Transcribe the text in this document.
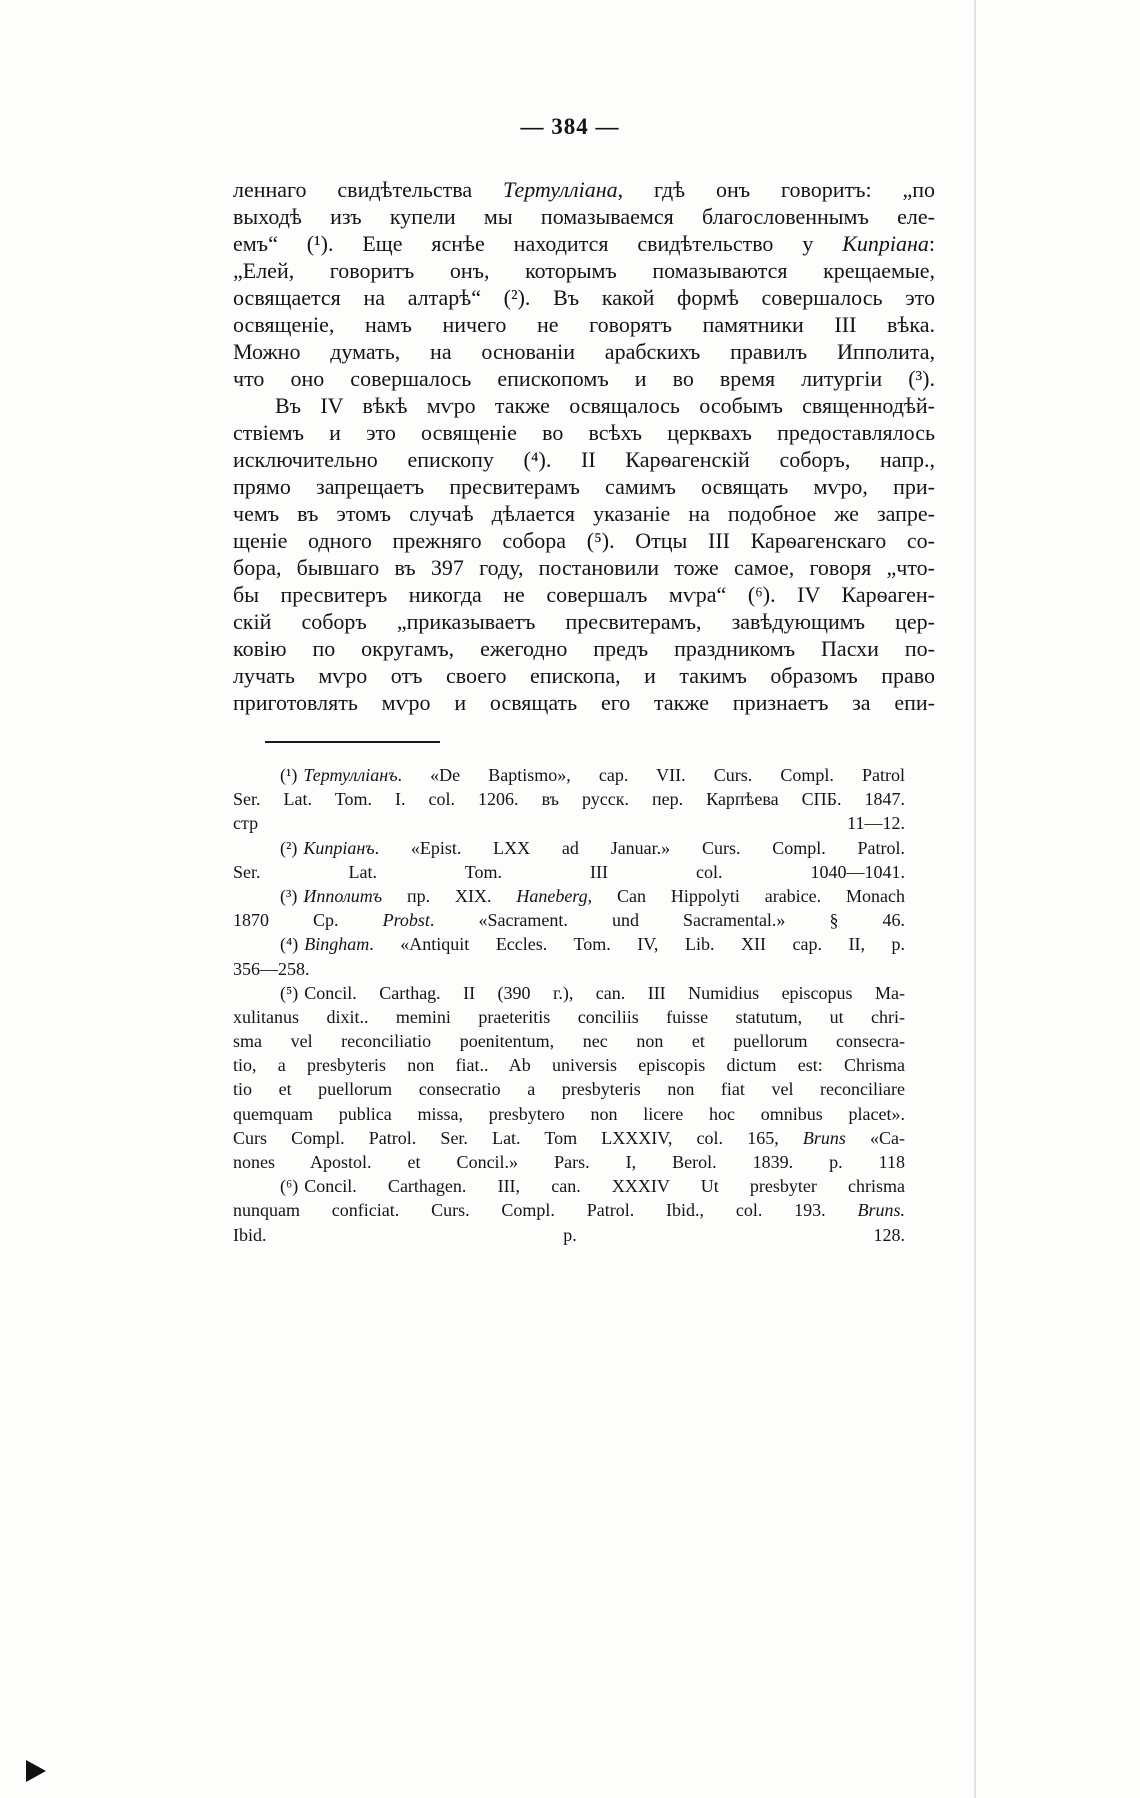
— 384 —
леннаго свидѣтельства Тертулліана, гдѣ онъ говоритъ: „по
выходѣ изъ купели мы помазываемся благословеннымъ еле-
емъ“ (¹). Еще яснѣе находится свидѣтельство у Кипріана:
„Елей, говоритъ онъ, которымъ помазываются крещаемые,
освящается на алтарѣ“ (²). Въ какой формѣ совершалось это
освященіе, намъ ничего не говорятъ памятники III вѣка.
Можно думать, на основаніи арабскихъ правилъ Ипполита,
что оно совершалось епископомъ и во время литургіи (³).
Въ IV вѣкѣ мѵро также освящалось особымъ священнодѣй-
ствіемъ и это освященіе во всѣхъ церквахъ предоставлялось
исключительно епископу (⁴). II Карѳагенскій соборъ, напр.,
прямо запрещаетъ пресвитерамъ самимъ освящать мѵро, при-
чемъ въ этомъ случаѣ дѣлается указаніе на подобное же запре-
щеніе одного прежняго собора (⁵). Отцы III Карѳагенскаго со-
бора, бывшаго въ 397 году, постановили тоже самое, говоря „что-
бы пресвитеръ никогда не совершалъ мѵра“ (⁶). IV Карѳаген-
скій соборъ „приказываетъ пресвитерамъ, завѣдующимъ цер-
ковію по округамъ, ежегодно предъ праздникомъ Пасхи по-
лучать мѵро отъ своего епископа, и такимъ образомъ право
приготовлять мѵро и освящать его также признаетъ за епи-
(¹) Тертулліанъ. «De Baptismo», cap. VII. Curs. Compl. Patrol
Ser. Lat. Tom. I. col. 1206. въ русск. пер. Карпѣева СПБ. 1847.
стр 11—12.
(²) Кипріанъ. «Epist. LXX ad Januar.» Curs. Compl. Patrol.
Ser. Lat. Tom. III col. 1040—1041.
(³) Ипполитъ пр. XIX. Haneberg, Can Hippolyti arabice. Monach
1870 Cp. Probst. «Sacrament. und Sacramental.» § 46.
(⁴) Bingham. «Antiquit Eccles. Tom. IV, Lib. XII cap. II, p.
356—258.
(⁵) Concil. Carthag. II (390 г.), can. III Numidius episcopus Ma-
xulitanus dixit.. memini praeteritis conciliis fuisse statutum, ut chri-
sma vel reconciliatio poenitentum, nec non et puellorum consecra-
tio, a presbyteris non fiat.. Ab universis episcopis dictum est: Chrisma
tio et puellorum consecratio a presbyteris non fiat vel reconciliare
quemquam publica missa, presbytero non licere hoc omnibus placet».
Curs Compl. Patrol. Ser. Lat. Tom LXXXIV, col. 165, Bruns «Ca-
nones Apostol. et Concil.» Pars. I, Berol. 1839. p. 118
(⁶) Concil. Carthagen. III, can. XXXIV Ut presbyter chrisma
nunquam conficiat. Curs. Compl. Patrol. Ibid., col. 193. Bruns.
Ibid. p. 128.
